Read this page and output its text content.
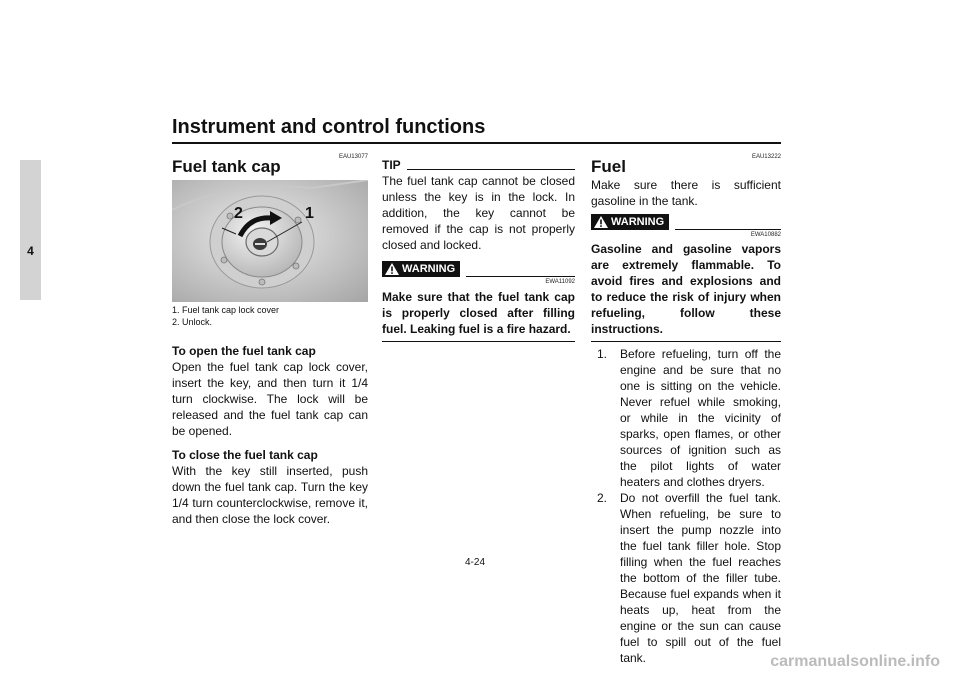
Instrument and control functions
4
EAU13077
Fuel tank cap
1
2

1. Fuel tank cap lock cover

2. Unlock.

To open the fuel tank cap

Open the fuel tank cap lock cover, insert the key, and then turn it 1/4 turn clockwise. The lock will be released and the fuel tank cap can be opened.

To close the fuel tank cap

With the key still inserted, push down the fuel tank cap. Turn the key 1/4 turn counterclockwise, remove it, and then close the lock cover.

TIP

The fuel tank cap cannot be closed unless the key is in the lock. In addition, the key cannot be removed if the cap is not properly closed and locked.

WARNING
EWA11092

Make sure that the fuel tank cap is properly closed after filling fuel. Leaking fuel is a fire hazard.

EAU13222
Fuel

Make sure there is sufficient gasoline in the tank.

WARNING
EWA10882

Gasoline and gasoline vapors are extremely flammable. To avoid fires and explosions and to reduce the risk of injury when refueling, follow these instructions.

1. Before refueling, turn off the engine and be sure that no one is sitting on the vehicle. Never refuel while smoking, or while in the vicinity of sparks, open flames, or other sources of ignition such as the pilot lights of water heaters and clothes dryers.
2. Do not overfill the fuel tank. When refueling, be sure to insert the pump nozzle into the fuel tank filler hole. Stop filling when the fuel reaches the bottom of the filler tube. Because fuel expands when it heats up, heat from the engine or the sun can cause fuel to spill out of the fuel tank.
4-24
carmanualsonline.info
